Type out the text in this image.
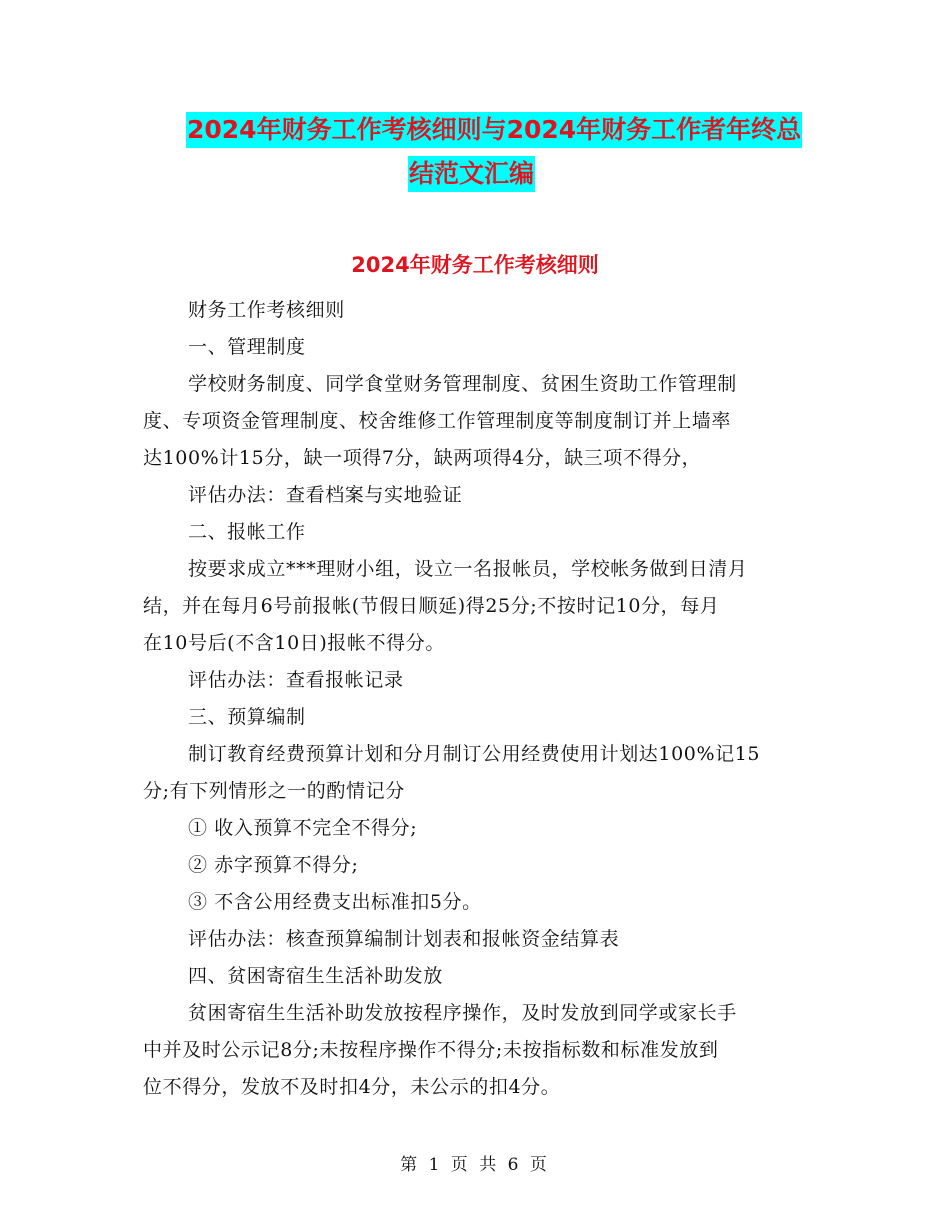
2024年财务工作考核细则与2024年财务工作者年终总
结范文汇编
2024年财务工作考核细则
财务工作考核细则
一、管理制度
学校财务制度、同学食堂财务管理制度、贫困生资助工作管理制
度、专项资金管理制度、校舍维修工作管理制度等制度制订并上墙率
达100%计15分，缺一项得7分，缺两项得4分，缺三项不得分，
评估办法：查看档案与实地验证
二、报帐工作
按要求成立***理财小组，设立一名报帐员，学校帐务做到日清月
结，并在每月6号前报帐(节假日顺延)得25分;不按时记10分，每月
在10号后(不含10日)报帐不得分。
评估办法：查看报帐记录
三、预算编制
制订教育经费预算计划和分月制订公用经费使用计划达100%记15
分;有下列情形之一的酌情记分
① 收入预算不完全不得分;
② 赤字预算不得分;
③ 不含公用经费支出标准扣5分。
评估办法：核查预算编制计划表和报帐资金结算表
四、贫困寄宿生生活补助发放
贫困寄宿生生活补助发放按程序操作，及时发放到同学或家长手
中并及时公示记8分;未按程序操作不得分;未按指标数和标准发放到
位不得分，发放不及时扣4分，未公示的扣4分。
第 1 页 共 6 页
